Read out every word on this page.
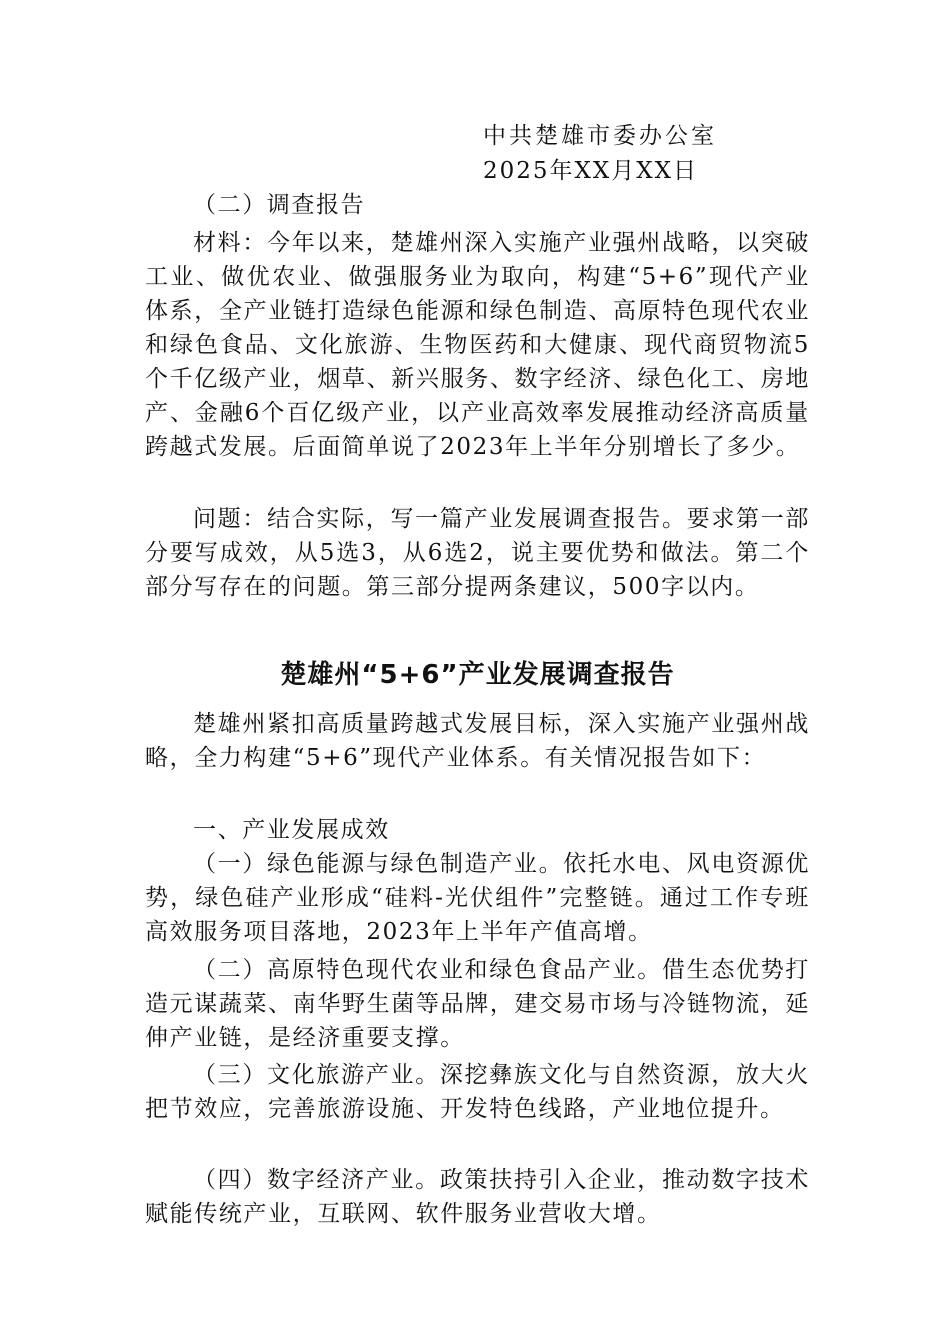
中共楚雄市委办公室
2025年XX月XX日

（二）调查报告

材料：今年以来，楚雄州深入实施产业强州战略，以突破工业、做优农业、做强服务业为取向，构建“5+6”现代产业体系，全产业链打造绿色能源和绿色制造、高原特色现代农业和绿色食品、文化旅游、生物医药和大健康、现代商贸物流5个千亿级产业，烟草、新兴服务、数字经济、绿色化工、房地产、金融6个百亿级产业，以产业高效率发展推动经济高质量跨越式发展。后面简单说了2023年上半年分别增长了多少。

问题：结合实际，写一篇产业发展调查报告。要求第一部分要写成效，从5选3，从6选2，说主要优势和做法。第二个部分写存在的问题。第三部分提两条建议，500字以内。

楚雄州“5+6”产业发展调查报告

楚雄州紧扣高质量跨越式发展目标，深入实施产业强州战略，全力构建“5+6”现代产业体系。有关情况报告如下：

一、产业发展成效

（一）绿色能源与绿色制造产业。依托水电、风电资源优势，绿色硅产业形成“硅料-光伏组件”完整链。通过工作专班高效服务项目落地，2023年上半年产值高增。

（二）高原特色现代农业和绿色食品产业。借生态优势打造元谋蔬菜、南华野生菌等品牌，建交易市场与冷链物流，延伸产业链，是经济重要支撑。

（三）文化旅游产业。深挖彝族文化与自然资源，放大火把节效应，完善旅游设施、开发特色线路，产业地位提升。

（四）数字经济产业。政策扶持引入企业，推动数字技术赋能传统产业，互联网、软件服务业营收大增。
